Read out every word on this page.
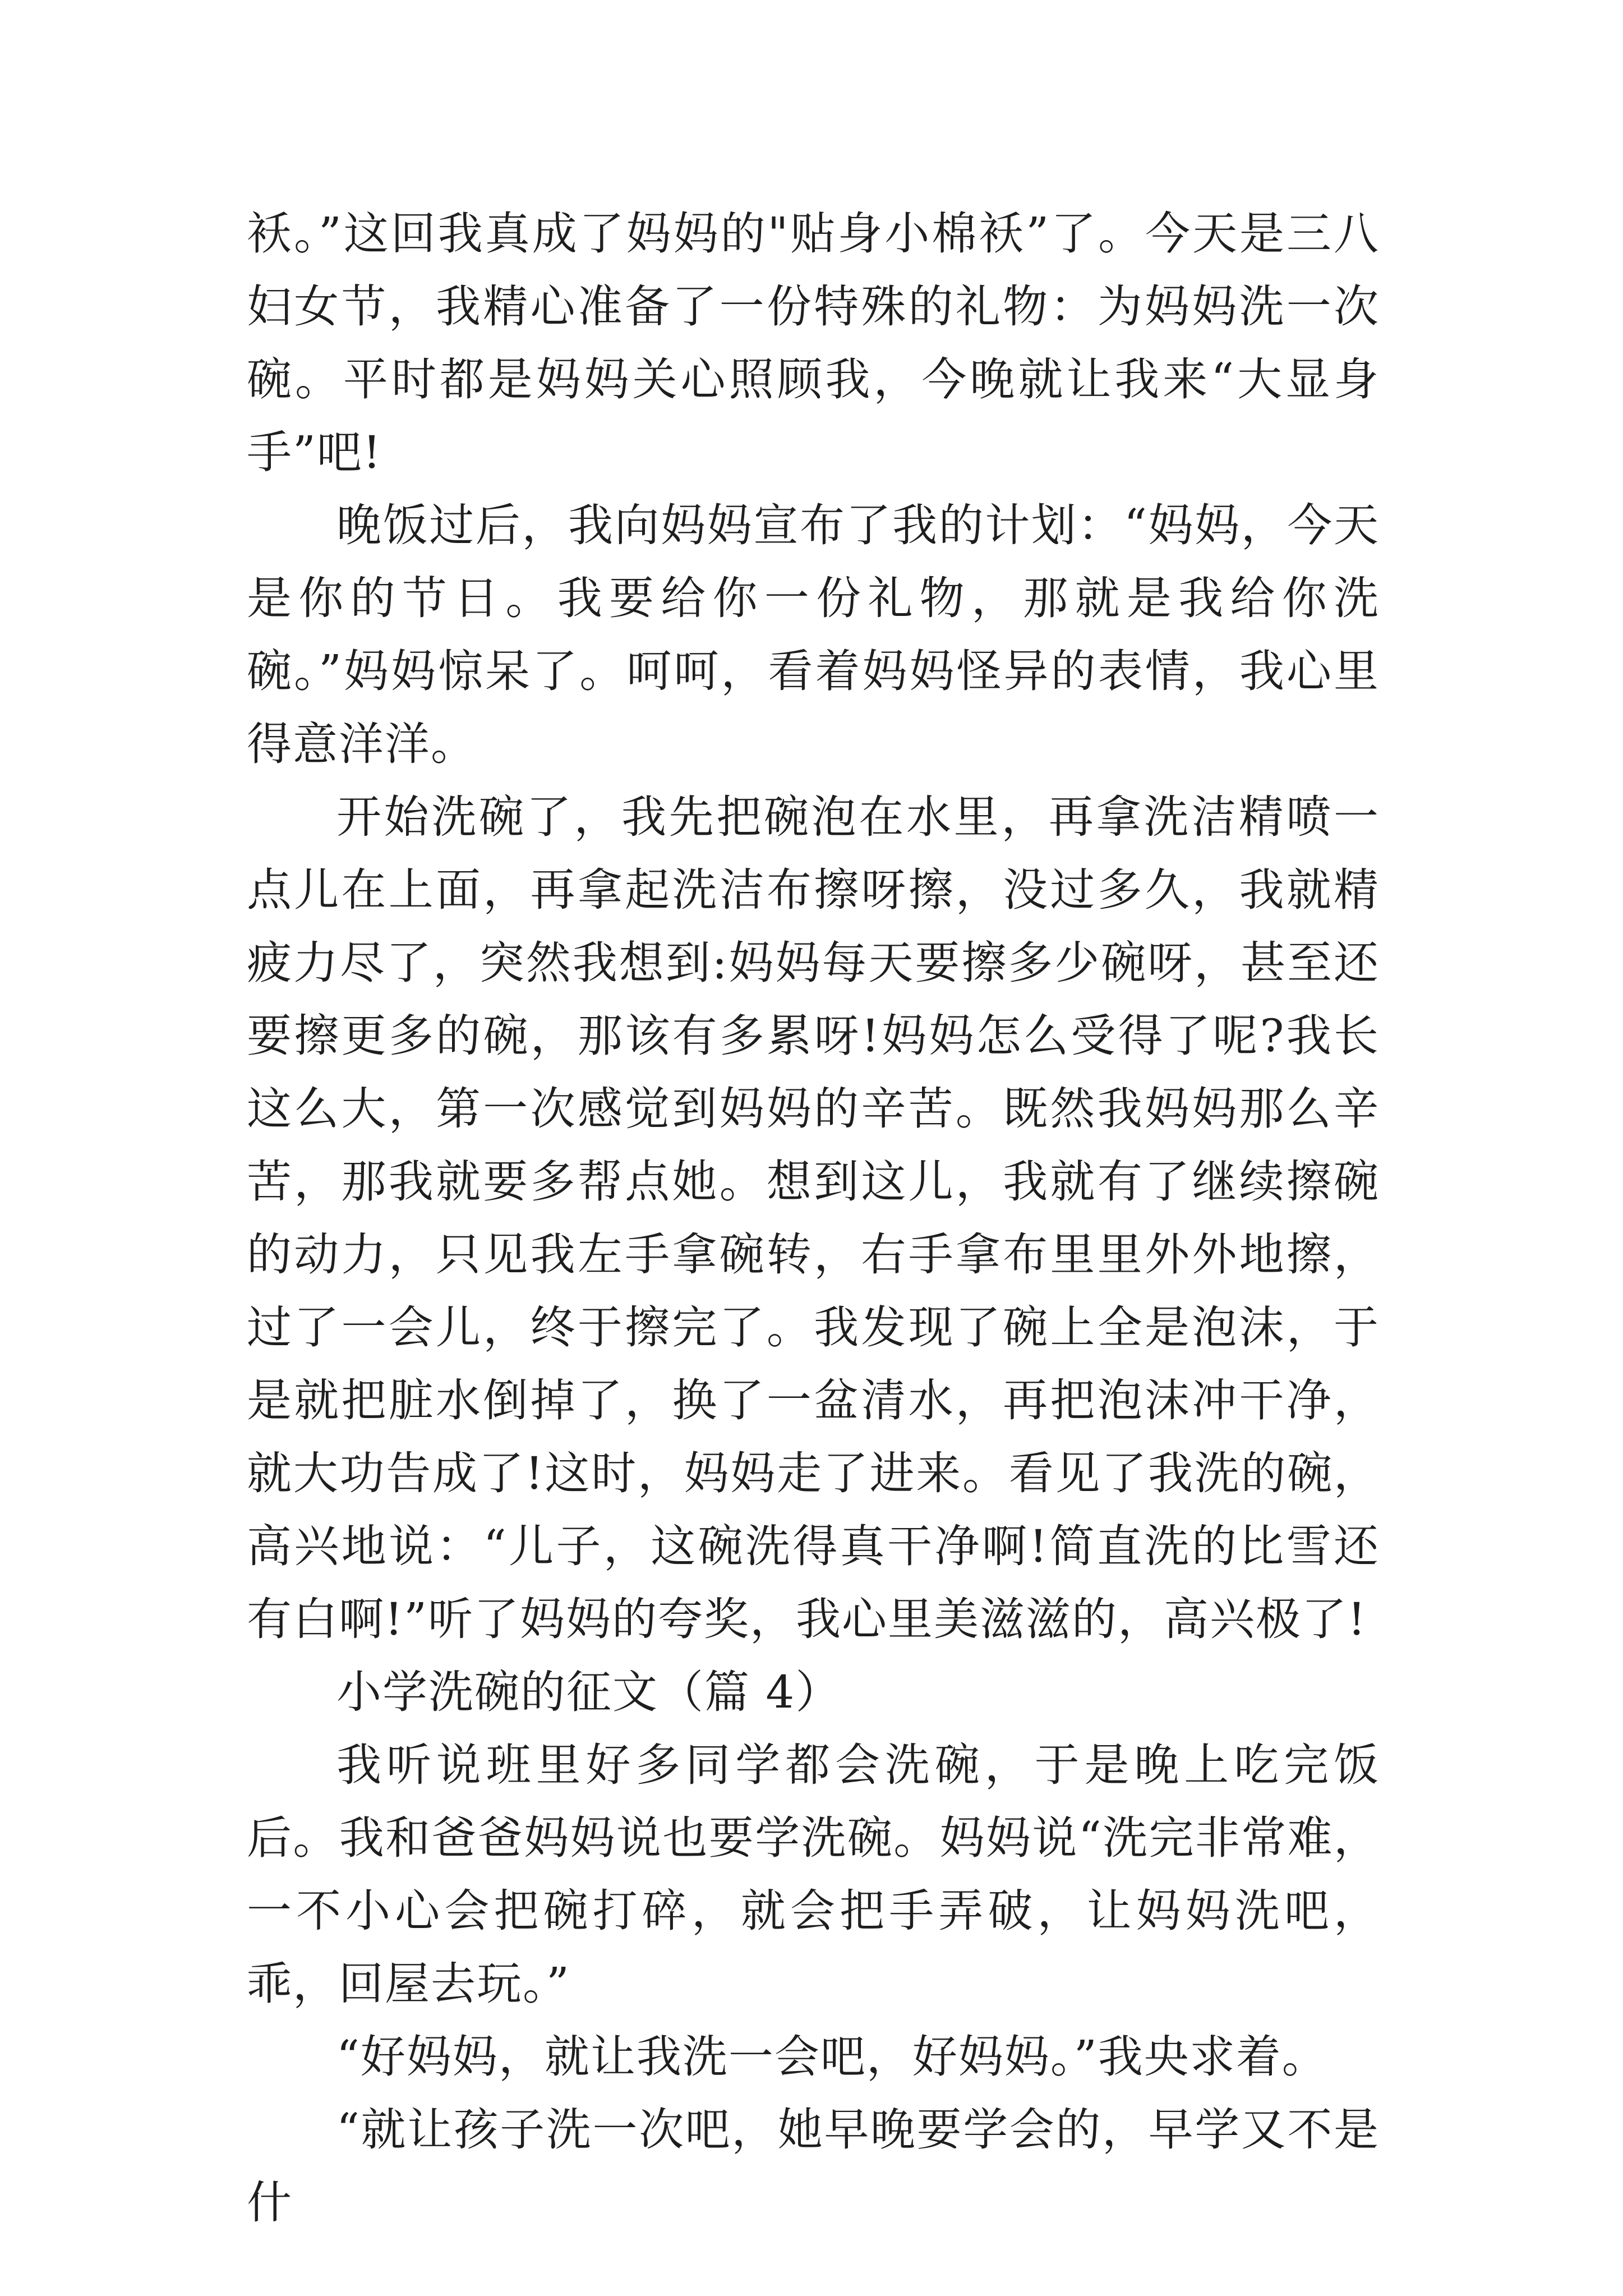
袄。”这回我真成了妈妈的"贴身小棉袄”了。今天是三八妇女节，我精心准备了一份特殊的礼物：为妈妈洗一次碗。平时都是妈妈关心照顾我，今晚就让我来“大显身手”吧!

晚饭过后，我向妈妈宣布了我的计划：“妈妈，今天是你的节日。我要给你一份礼物，那就是我给你洗碗。”妈妈惊呆了。呵呵，看着妈妈怪异的表情，我心里得意洋洋。

开始洗碗了，我先把碗泡在水里，再拿洗洁精喷一点儿在上面，再拿起洗洁布擦呀擦，没过多久，我就精疲力尽了，突然我想到:妈妈每天要擦多少碗呀，甚至还要擦更多的碗，那该有多累呀!妈妈怎么受得了呢?我长这么大，第一次感觉到妈妈的辛苦。既然我妈妈那么辛苦，那我就要多帮点她。想到这儿，我就有了继续擦碗的动力，只见我左手拿碗转，右手拿布里里外外地擦，过了一会儿，终于擦完了。我发现了碗上全是泡沫，于是就把脏水倒掉了，换了一盆清水，再把泡沫冲干净，就大功告成了!这时，妈妈走了进来。看见了我洗的碗，高兴地说：“儿子，这碗洗得真干净啊!简直洗的比雪还有白啊!”听了妈妈的夸奖，我心里美滋滋的，高兴极了!

小学洗碗的征文（篇 4）

我听说班里好多同学都会洗碗，于是晚上吃完饭后。我和爸爸妈妈说也要学洗碗。妈妈说“洗完非常难，一不小心会把碗打碎，就会把手弄破，让妈妈洗吧，乖，回屋去玩。”

“好妈妈，就让我洗一会吧，好妈妈。”我央求着。

“就让孩子洗一次吧，她早晚要学会的，早学又不是什
